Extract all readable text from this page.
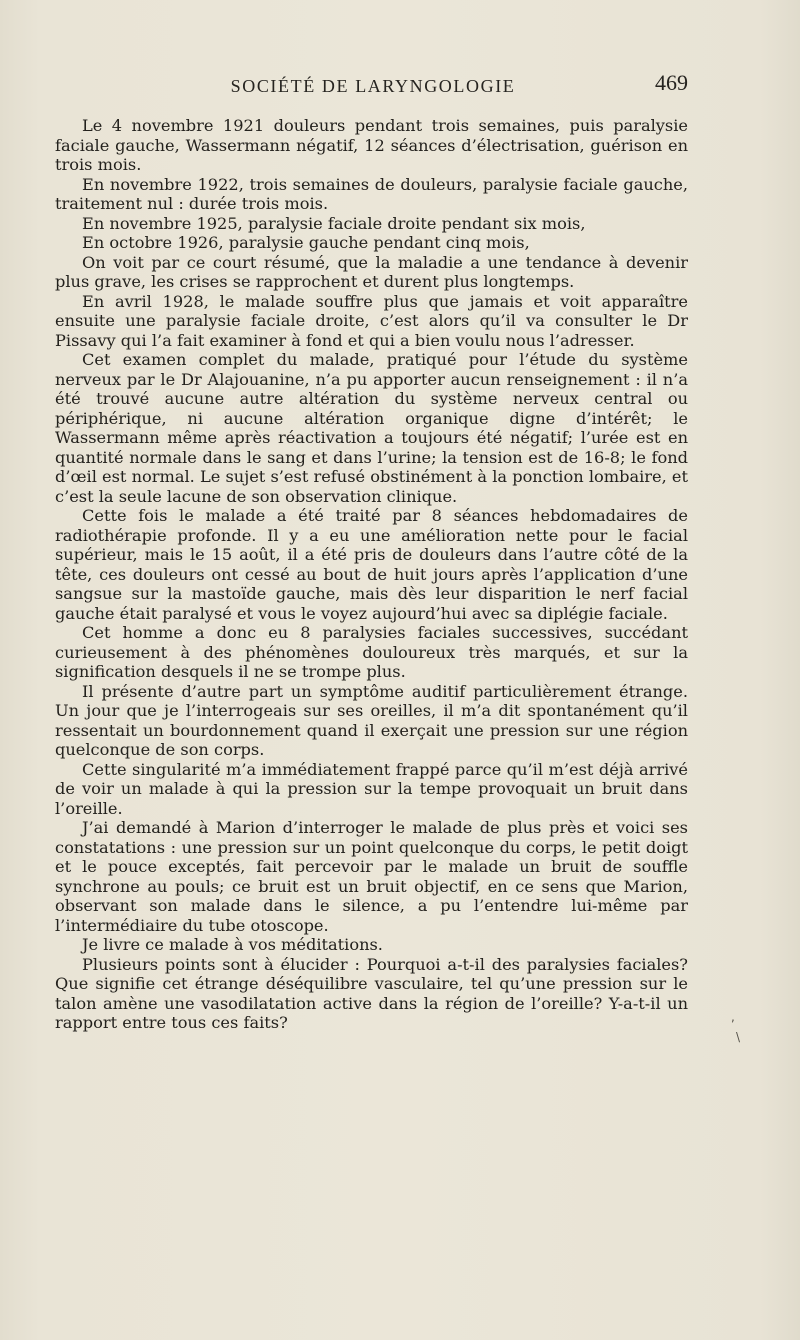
SOCIÉTÉ DE LARYNGOLOGIE	469

Le 4 novembre 1921 douleurs pendant trois semaines, puis paralysie faciale gauche, Wassermann négatif, 12 séances d’électrisation, guérison en trois mois.

En novembre 1922, trois semaines de douleurs, paralysie faciale gauche, traitement nul : durée trois mois.

En novembre 1925, paralysie faciale droite pendant six mois,

En octobre 1926, paralysie gauche pendant cinq mois,

On voit par ce court résumé, que la maladie a une tendance à devenir plus grave, les crises se rapprochent et durent plus longtemps.

En avril 1928, le malade souffre plus que jamais et voit apparaître ensuite une paralysie faciale droite, c’est alors qu’il va consulter le Dr Pissavy qui l’a fait examiner à fond et qui a bien voulu nous l’adresser.

Cet examen complet du malade, pratiqué pour l’étude du système nerveux par le Dr Alajouanine, n’a pu apporter aucun renseignement : il n’a été trouvé aucune autre altération du système nerveux central ou périphérique, ni aucune altération organique digne d’intérêt; le Wassermann même après réactivation a toujours été négatif; l’urée est en quantité normale dans le sang et dans l’urine; la tension est de 16-8; le fond d’œil est normal. Le sujet s’est refusé obstinément à la ponction lombaire, et c’est la seule lacune de son observation clinique.

Cette fois le malade a été traité par 8 séances hebdomadaires de radiothérapie profonde. Il y a eu une amélioration nette pour le facial supérieur, mais le 15 août, il a été pris de douleurs dans l’autre côté de la tête, ces douleurs ont cessé au bout de huit jours après l’application d’une sangsue sur la mastoïde gauche, mais dès leur disparition le nerf facial gauche était paralysé et vous le voyez aujourd’hui avec sa diplégie faciale.

Cet homme a donc eu 8 paralysies faciales successives, succédant curieusement à des phénomènes douloureux très marqués, et sur la signification desquels il ne se trompe plus.

Il présente d’autre part un symptôme auditif particulièrement étrange. Un jour que je l’interrogeais sur ses oreilles, il m’a dit spontanément qu’il ressentait un bourdonnement quand il exerçait une pression sur une région quelconque de son corps.

Cette singularité m’a immédiatement frappé parce qu’il m’est déjà arrivé de voir un malade à qui la pression sur la tempe provoquait un bruit dans l’oreille.

J’ai demandé à Marion d’interroger le malade de plus près et voici ses constatations : une pression sur un point quelconque du corps, le petit doigt et le pouce exceptés, fait percevoir par le malade un bruit de souffle synchrone au pouls; ce bruit est un bruit objectif, en ce sens que Marion, observant son malade dans le silence, a pu l’entendre lui-même par l’intermédiaire du tube otoscope.

Je livre ce malade à vos méditations.

Plusieurs points sont à élucider : Pourquoi a-t-il des paralysies faciales? Que signifie cet étrange déséquilibre vasculaire, tel qu’une pression sur le talon amène une vasodilatation active dans la région de l’oreille? Y-a-t-il un rapport entre tous ces faits?	,
\
